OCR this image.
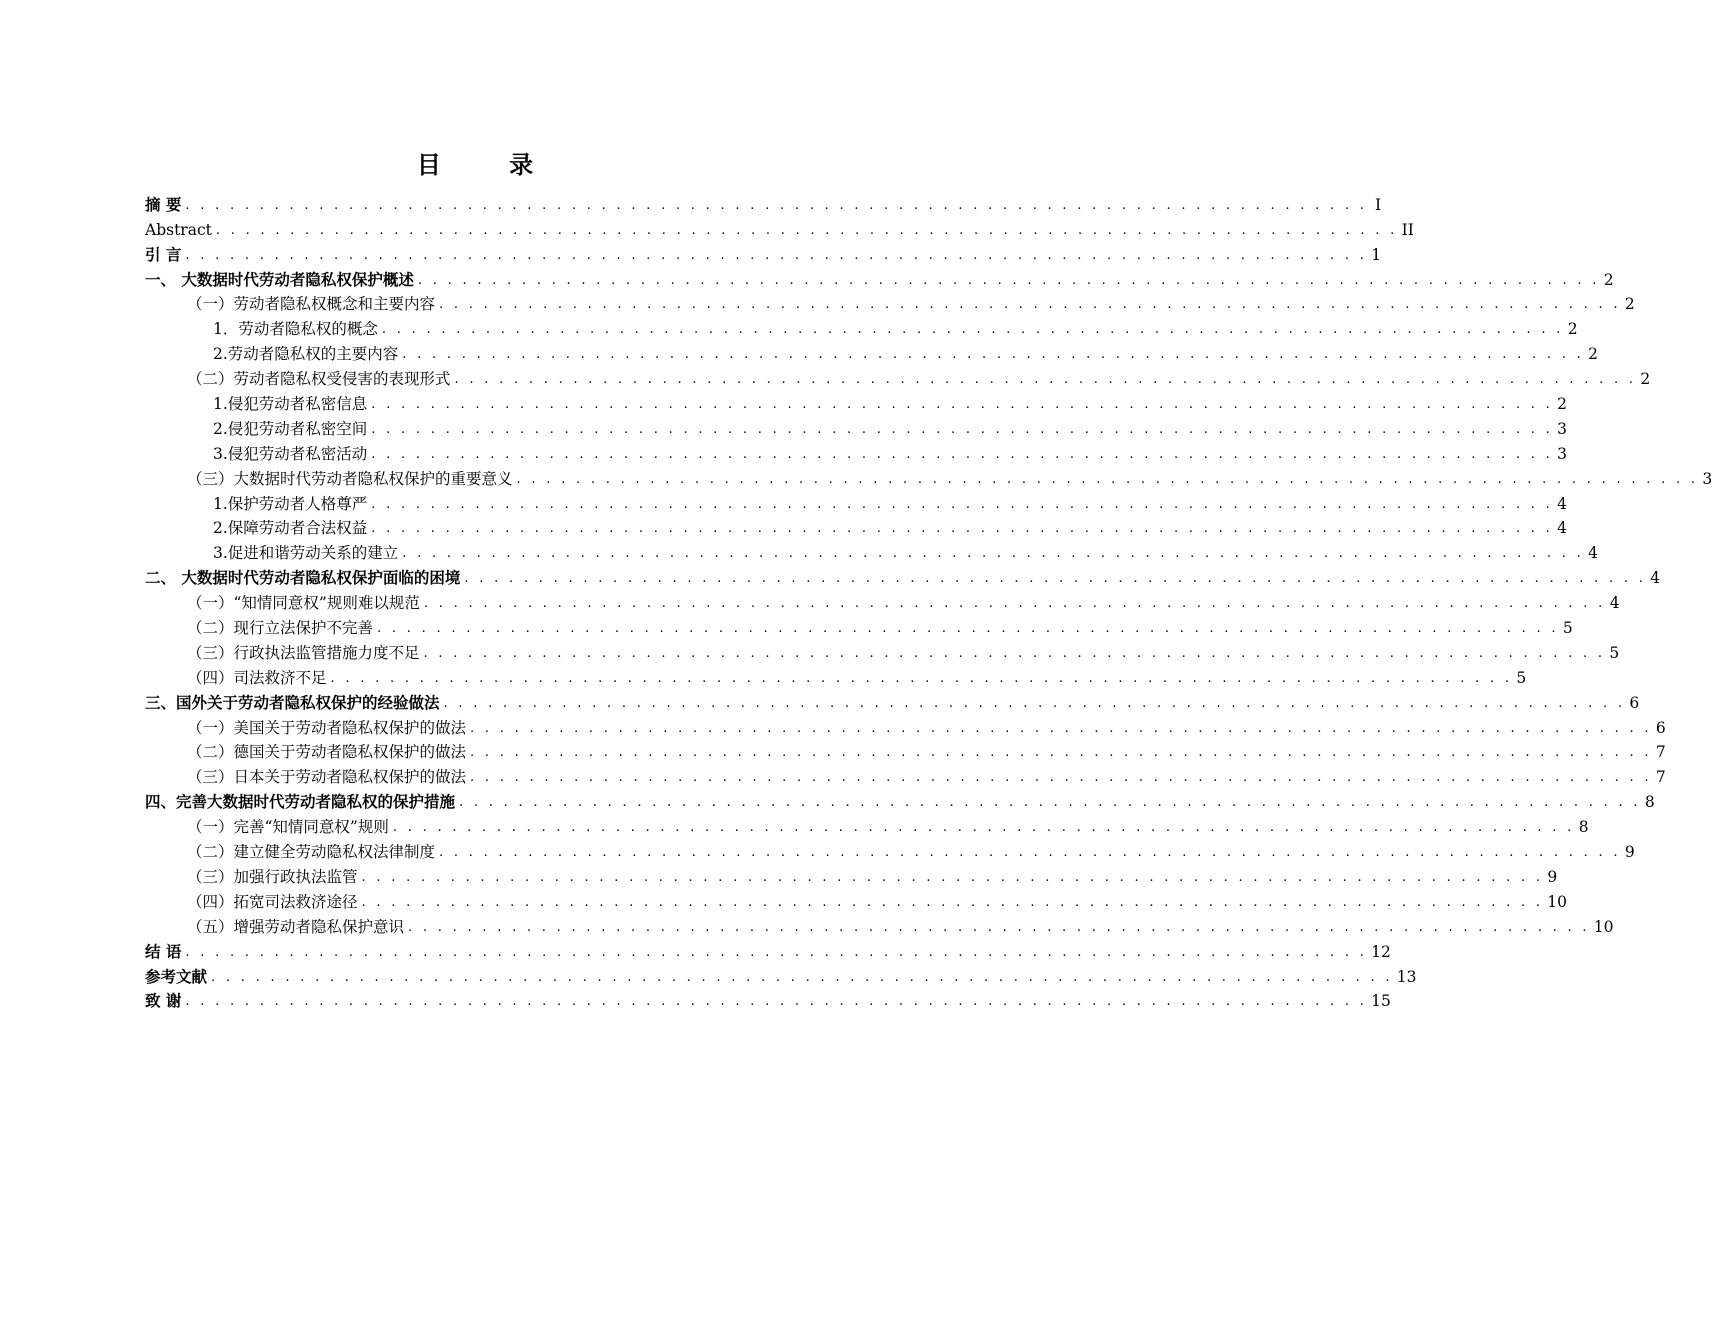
目 录
摘 要 . . . . . . . . . . . . . . . . . . . . . . . . . . . . . . . . . . . . . . . . . . . . . . . . . . . . . . . . . . . . . . . . . . . . . . . . . . . . . . . . I
Abstract . . . . . . . . . . . . . . . . . . . . . . . . . . . . . . . . . . . . . . . . . . . . . . . . . . . . . . . . . . . . . . . . . . . . . . . . . . . . . . . . II
引 言 . . . . . . . . . . . . . . . . . . . . . . . . . . . . . . . . . . . . . . . . . . . . . . . . . . . . . . . . . . . . . . . . . . . . . . . . . . . . . . . . 1
一、 大数据时代劳动者隐私权保护概述 . . . . . . . . . . . . . . . . . . . . . . . . . . . . . . . . . . . . . . . . . . . . . . . . . . . . . . . . . . . . . . . . . . . . . . . . . . . . . . . . 2
（一）劳动者隐私权概念和主要内容 . . . . . . . . . . . . . . . . . . . . . . . . . . . . . . . . . . . . . . . . . . . . . . . . . . . . . . . . . . . . . . . . . . . . . . . . . . . . . . . . 2
1．劳动者隐私权的概念 . . . . . . . . . . . . . . . . . . . . . . . . . . . . . . . . . . . . . . . . . . . . . . . . . . . . . . . . . . . . . . . . . . . . . . . . . . . . . . . . 2
2.劳动者隐私权的主要内容 . . . . . . . . . . . . . . . . . . . . . . . . . . . . . . . . . . . . . . . . . . . . . . . . . . . . . . . . . . . . . . . . . . . . . . . . . . . . . . . . 2
（二）劳动者隐私权受侵害的表现形式 . . . . . . . . . . . . . . . . . . . . . . . . . . . . . . . . . . . . . . . . . . . . . . . . . . . . . . . . . . . . . . . . . . . . . . . . . . . . . . . . 2
1.侵犯劳动者私密信息 . . . . . . . . . . . . . . . . . . . . . . . . . . . . . . . . . . . . . . . . . . . . . . . . . . . . . . . . . . . . . . . . . . . . . . . . . . . . . . . . 2
2.侵犯劳动者私密空间 . . . . . . . . . . . . . . . . . . . . . . . . . . . . . . . . . . . . . . . . . . . . . . . . . . . . . . . . . . . . . . . . . . . . . . . . . . . . . . . . 3
3.侵犯劳动者私密活动 . . . . . . . . . . . . . . . . . . . . . . . . . . . . . . . . . . . . . . . . . . . . . . . . . . . . . . . . . . . . . . . . . . . . . . . . . . . . . . . . 3
（三）大数据时代劳动者隐私权保护的重要意义 . . . . . . . . . . . . . . . . . . . . . . . . . . . . . . . . . . . . . . . . . . . . . . . . . . . . . . . . . . . . . . . . . . . . . . . . . . . . . . . . 3
1.保护劳动者人格尊严 . . . . . . . . . . . . . . . . . . . . . . . . . . . . . . . . . . . . . . . . . . . . . . . . . . . . . . . . . . . . . . . . . . . . . . . . . . . . . . . . 4
2.保障劳动者合法权益 . . . . . . . . . . . . . . . . . . . . . . . . . . . . . . . . . . . . . . . . . . . . . . . . . . . . . . . . . . . . . . . . . . . . . . . . . . . . . . . . 4
3.促进和谐劳动关系的建立 . . . . . . . . . . . . . . . . . . . . . . . . . . . . . . . . . . . . . . . . . . . . . . . . . . . . . . . . . . . . . . . . . . . . . . . . . . . . . . . . 4
二、 大数据时代劳动者隐私权保护面临的困境 . . . . . . . . . . . . . . . . . . . . . . . . . . . . . . . . . . . . . . . . . . . . . . . . . . . . . . . . . . . . . . . . . . . . . . . . . . . . . . . . 4
（一）“知情同意权”规则难以规范 . . . . . . . . . . . . . . . . . . . . . . . . . . . . . . . . . . . . . . . . . . . . . . . . . . . . . . . . . . . . . . . . . . . . . . . . . . . . . . . . 4
（二）现行立法保护不完善 . . . . . . . . . . . . . . . . . . . . . . . . . . . . . . . . . . . . . . . . . . . . . . . . . . . . . . . . . . . . . . . . . . . . . . . . . . . . . . . . 5
（三）行政执法监管措施力度不足 . . . . . . . . . . . . . . . . . . . . . . . . . . . . . . . . . . . . . . . . . . . . . . . . . . . . . . . . . . . . . . . . . . . . . . . . . . . . . . . . 5
（四）司法救济不足 . . . . . . . . . . . . . . . . . . . . . . . . . . . . . . . . . . . . . . . . . . . . . . . . . . . . . . . . . . . . . . . . . . . . . . . . . . . . . . . . 5
三、国外关于劳动者隐私权保护的经验做法 . . . . . . . . . . . . . . . . . . . . . . . . . . . . . . . . . . . . . . . . . . . . . . . . . . . . . . . . . . . . . . . . . . . . . . . . . . . . . . . . 6
（一）美国关于劳动者隐私权保护的做法 . . . . . . . . . . . . . . . . . . . . . . . . . . . . . . . . . . . . . . . . . . . . . . . . . . . . . . . . . . . . . . . . . . . . . . . . . . . . . . . . 6
（二）德国关于劳动者隐私权保护的做法 . . . . . . . . . . . . . . . . . . . . . . . . . . . . . . . . . . . . . . . . . . . . . . . . . . . . . . . . . . . . . . . . . . . . . . . . . . . . . . . . 7
（三）日本关于劳动者隐私权保护的做法 . . . . . . . . . . . . . . . . . . . . . . . . . . . . . . . . . . . . . . . . . . . . . . . . . . . . . . . . . . . . . . . . . . . . . . . . . . . . . . . . 7
四、完善大数据时代劳动者隐私权的保护措施 . . . . . . . . . . . . . . . . . . . . . . . . . . . . . . . . . . . . . . . . . . . . . . . . . . . . . . . . . . . . . . . . . . . . . . . . . . . . . . . . 8
（一）完善“知情同意权”规则 . . . . . . . . . . . . . . . . . . . . . . . . . . . . . . . . . . . . . . . . . . . . . . . . . . . . . . . . . . . . . . . . . . . . . . . . . . . . . . . . 8
（二）建立健全劳动隐私权法律制度 . . . . . . . . . . . . . . . . . . . . . . . . . . . . . . . . . . . . . . . . . . . . . . . . . . . . . . . . . . . . . . . . . . . . . . . . . . . . . . . . 9
（三）加强行政执法监管 . . . . . . . . . . . . . . . . . . . . . . . . . . . . . . . . . . . . . . . . . . . . . . . . . . . . . . . . . . . . . . . . . . . . . . . . . . . . . . . . 9
（四）拓宽司法救济途径 . . . . . . . . . . . . . . . . . . . . . . . . . . . . . . . . . . . . . . . . . . . . . . . . . . . . . . . . . . . . . . . . . . . . . . . . . . . . . . . . 10
（五）增强劳动者隐私保护意识 . . . . . . . . . . . . . . . . . . . . . . . . . . . . . . . . . . . . . . . . . . . . . . . . . . . . . . . . . . . . . . . . . . . . . . . . . . . . . . . . 10
结 语 . . . . . . . . . . . . . . . . . . . . . . . . . . . . . . . . . . . . . . . . . . . . . . . . . . . . . . . . . . . . . . . . . . . . . . . . . . . . . . . . 12
参考文献 . . . . . . . . . . . . . . . . . . . . . . . . . . . . . . . . . . . . . . . . . . . . . . . . . . . . . . . . . . . . . . . . . . . . . . . . . . . . . . . . 13
致 谢 . . . . . . . . . . . . . . . . . . . . . . . . . . . . . . . . . . . . . . . . . . . . . . . . . . . . . . . . . . . . . . . . . . . . . . . . . . . . . . . . 15
